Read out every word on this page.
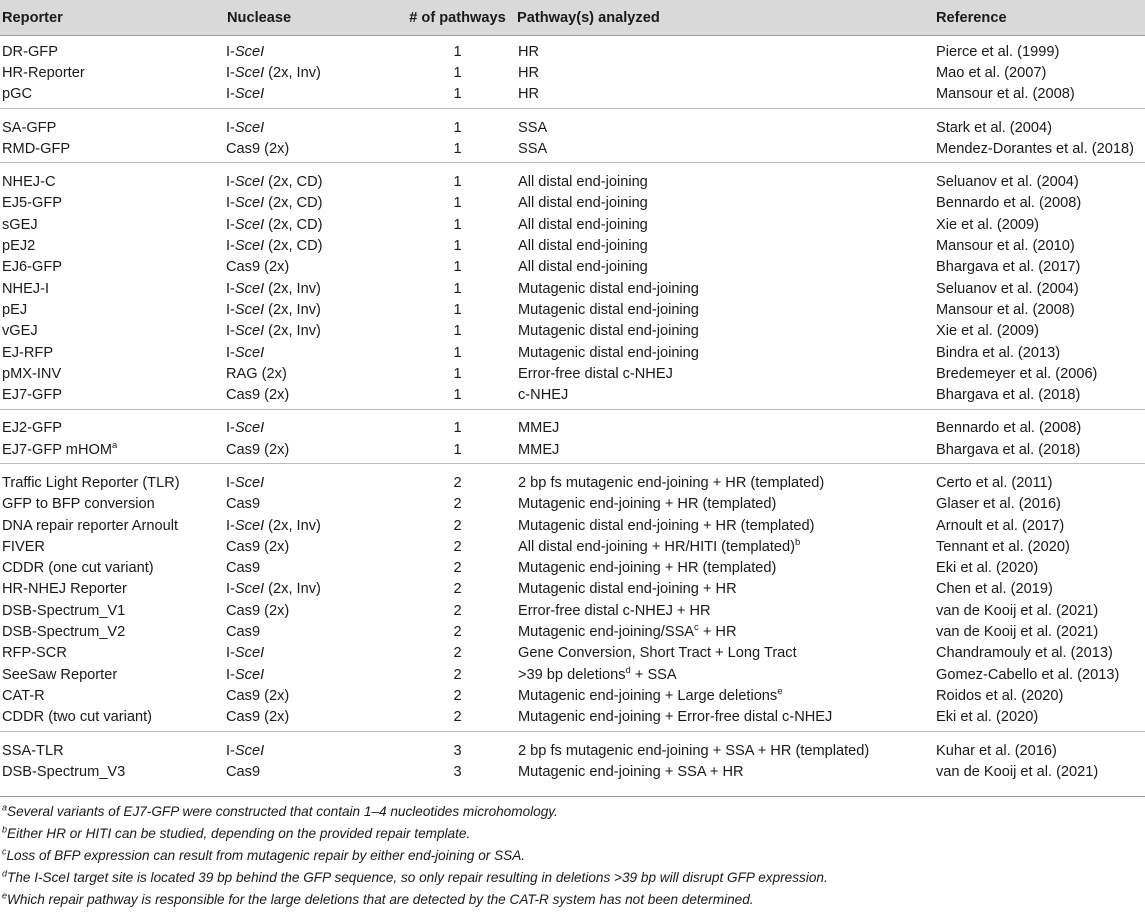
Reporter	Nuclease	# of pathways	Pathway(s) analyzed	Reference
DR-GFP	I-SceI	1	HR	Pierce et al. (1999)
HR-Reporter	I-SceI (2x, Inv)	1	HR	Mao et al. (2007)
pGC	I-SceI	1	HR	Mansour et al. (2008)
SA-GFP	I-SceI	1	SSA	Stark et al. (2004)
RMD-GFP	Cas9 (2x)	1	SSA	Mendez-Dorantes et al. (2018)
NHEJ-C	I-SceI (2x, CD)	1	All distal end-joining	Seluanov et al. (2004)
EJ5-GFP	I-SceI (2x, CD)	1	All distal end-joining	Bennardo et al. (2008)
sGEJ	I-SceI (2x, CD)	1	All distal end-joining	Xie et al. (2009)
pEJ2	I-SceI (2x, CD)	1	All distal end-joining	Mansour et al. (2010)
EJ6-GFP	Cas9 (2x)	1	All distal end-joining	Bhargava et al. (2017)
NHEJ-I	I-SceI (2x, Inv)	1	Mutagenic distal end-joining	Seluanov et al. (2004)
pEJ	I-SceI (2x, Inv)	1	Mutagenic distal end-joining	Mansour et al. (2008)
vGEJ	I-SceI (2x, Inv)	1	Mutagenic distal end-joining	Xie et al. (2009)
EJ-RFP	I-SceI	1	Mutagenic distal end-joining	Bindra et al. (2013)
pMX-INV	RAG (2x)	1	Error-free distal c-NHEJ	Bredemeyer et al. (2006)
EJ7-GFP	Cas9 (2x)	1	c-NHEJ	Bhargava et al. (2018)
EJ2-GFP	I-SceI	1	MMEJ	Bennardo et al. (2008)
EJ7-GFP mHOM$^a$	Cas9 (2x)	1	MMEJ	Bhargava et al. (2018)
Traffic Light Reporter (TLR)	I-SceI	2	2 bp fs mutagenic end-joining + HR (templated)	Certo et al. (2011)
GFP to BFP conversion	Cas9	2	Mutagenic end-joining + HR (templated)	Glaser et al. (2016)
DNA repair reporter Arnoult	I-SceI (2x, Inv)	2	Mutagenic distal end-joining + HR (templated)	Arnoult et al. (2017)
FIVER	Cas9 (2x)	2	All distal end-joining + HR/HITI (templated)$^b$	Tennant et al. (2020)
CDDR (one cut variant)	Cas9	2	Mutagenic end-joining + HR (templated)	Eki et al. (2020)
HR-NHEJ Reporter	I-SceI (2x, Inv)	2	Mutagenic distal end-joining + HR	Chen et al. (2019)
DSB-Spectrum_V1	Cas9 (2x)	2	Error-free distal c-NHEJ + HR	van de Kooij et al. (2021)
DSB-Spectrum_V2	Cas9	2	Mutagenic end-$joining/SSA^c$ + HR	van de Kooij et al. (2021)
RFP-SCR	I-SceI	2	Gene Conversion, Short Tract + Long Tract	Chandramouly et al. (2013)
SeeSaw Reporter	I-SceI	2	>39 bp deletions$^d$ + SSA	Gomez-Cabello et al. (2013)
CAT-R	Cas9 (2x)	2	Mutagenic end-joining + Large deletions$^e$	Roidos et al. (2020)
CDDR (two cut variant)	Cas9 (2x)	2	Mutagenic end-joining + Error-free distal c-NHEJ	Eki et al. (2020)
SSA-TLR	I-SceI	3	2 bp fs mutagenic end-joining + SSA + HR (templated)	Kuhar et al. (2016)
DSB-Spectrum_V3	Cas9	3	Mutagenic end-joining + SSA + HR	van de Kooij et al. (2021)
$^a$Several variants of EJ7-GFP were constructed that contain 1–4 nucleotides microhomology.
$^b$Either HR or HITI can be studied, depending on the provided repair template.
$^c$Loss of BFP expression can result from mutagenic repair by either end-joining or SSA.
$^d$The I-SceI target site is located 39 bp behind the GFP sequence, so only repair resulting in deletions >39 bp will disrupt GFP expression.
$^e$Which repair pathway is responsible for the large deletions that are detected by the CAT-R system has not been determined.
